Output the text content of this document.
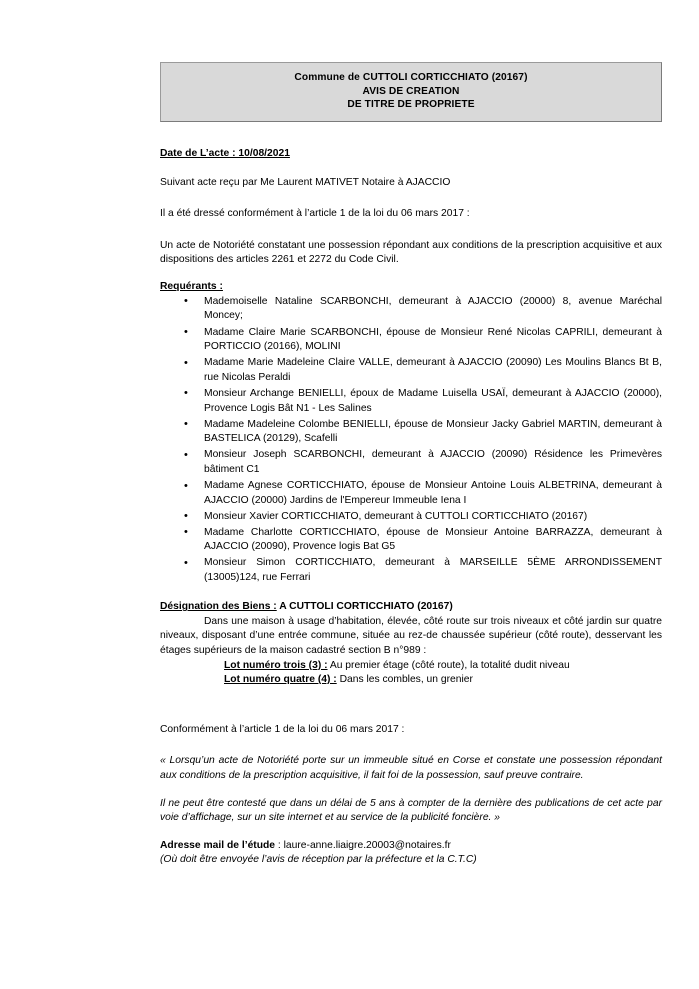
Commune de CUTTOLI CORTICCHIATO (20167)
AVIS DE CREATION
DE TITRE DE PROPRIETE
Date de L’acte : 10/08/2021
Suivant acte reçu par Me Laurent MATIVET Notaire à AJACCIO
Il a été dressé conformément à l’article 1 de la loi du 06 mars 2017 :
Un acte de Notoriété constatant une possession répondant aux conditions de la prescription acquisitive et aux dispositions des articles 2261 et 2272 du Code Civil.
Requérants :
• Mademoiselle Nataline SCARBONCHI, demeurant à AJACCIO (20000) 8, avenue Maréchal Moncey;
• Madame Claire Marie SCARBONCHI, épouse de Monsieur René Nicolas CAPRILI, demeurant à PORTICCIO (20166), MOLINI
• Madame Marie Madeleine Claire VALLE, demeurant à AJACCIO (20090) Les Moulins Blancs Bt B, rue Nicolas Peraldi
• Monsieur Archange BENIELLI, époux de Madame Luisella USAÏ, demeurant à AJACCIO (20000), Provence Logis Bât N1 - Les Salines
• Madame Madeleine Colombe BENIELLI, épouse de Monsieur Jacky Gabriel MARTIN, demeurant à BASTELICA (20129), Scafelli
• Monsieur Joseph SCARBONCHI, demeurant à AJACCIO (20090) Résidence les Primevères bâtiment C1
• Madame Agnese CORTICCHIATO, épouse de Monsieur Antoine Louis ALBETRINA, demeurant à AJACCIO (20000) Jardins de l'Empereur Immeuble Iena I
• Monsieur Xavier CORTICCHIATO, demeurant à CUTTOLI CORTICCHIATO (20167)
• Madame Charlotte CORTICCHIATO, épouse de Monsieur Antoine BARRAZZA, demeurant à AJACCIO (20090), Provence logis Bat G5
• Monsieur Simon CORTICCHIATO, demeurant à MARSEILLE 5ÈME ARRONDISSEMENT (13005)124, rue Ferrari
Désignation des Biens : A CUTTOLI CORTICCHIATO (20167)
Dans une maison à usage d’habitation, élevée, côté route sur trois niveaux et côté jardin sur quatre niveaux, disposant d’une entrée commune, située au rez-de chaussée supérieur (côté route), desservant les étages supérieurs de la maison cadastré section B n°989 :
Lot numéro trois (3) : Au premier étage (côté route), la totalité dudit niveau
Lot numéro quatre (4) : Dans les combles, un grenier
Conformément à l’article 1 de la loi du 06 mars 2017 :
« Lorsqu’un acte de Notoriété porte sur un immeuble situé en Corse et constate une possession répondant aux conditions de la prescription acquisitive, il fait foi de la possession, sauf preuve contraire.
Il ne peut être contesté que dans un délai de 5 ans à compter de la dernière des publications de cet acte par voie d’affichage, sur un site internet et au service de la publicité foncière. »
Adresse mail de l’étude : laure-anne.liaigre.20003@notaires.fr
(Où doit être envoyée l’avis de réception par la préfecture et la C.T.C)
